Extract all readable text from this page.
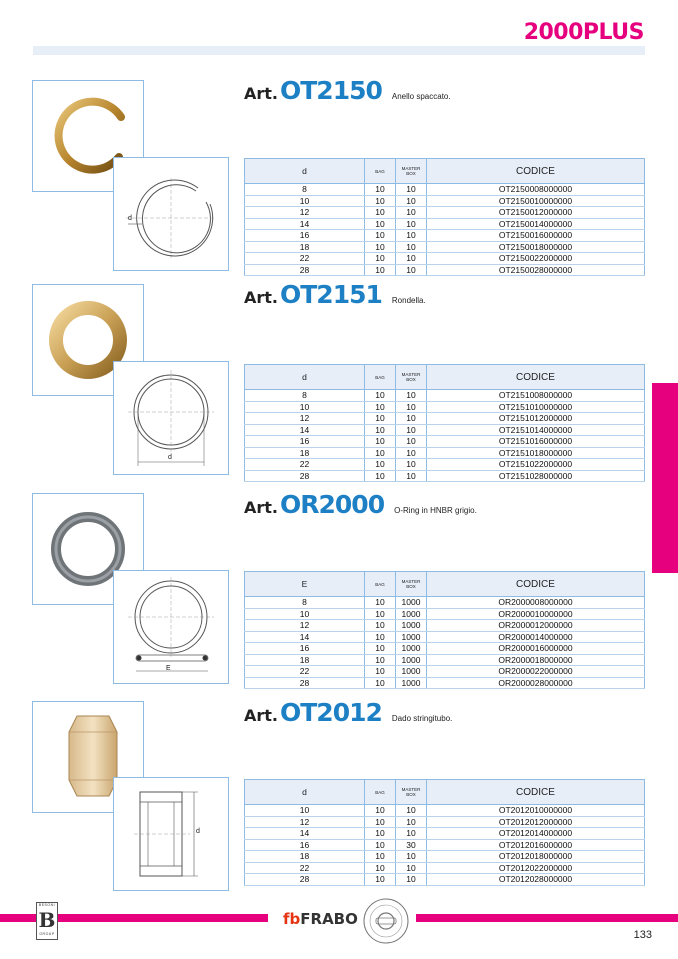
2000PLUS
d
Art.OT2150 Anello spaccato.
d	BAG	MASTER BOX	CODICE
8	10	10	OT2150008000000
10	10	10	OT2150010000000
12	10	10	OT2150012000000
14	10	10	OT2150014000000
16	10	10	OT2150016000000
18	10	10	OT2150018000000
22	10	10	OT2150022000000
28	10	10	OT2150028000000
d
Art.OT2151 Rondella.
d	BAG	MASTER BOX	CODICE
8	10	10	OT2151008000000
10	10	10	OT2151010000000
12	10	10	OT2151012000000
14	10	10	OT2151014000000
16	10	10	OT2151016000000
18	10	10	OT2151018000000
22	10	10	OT2151022000000
28	10	10	OT2151028000000
E
Art.OR2000 O-Ring in HNBR grigio.
E	BAG	MASTER BOX	CODICE
8	10	1000	OR2000008000000
10	10	1000	OR2000010000000
12	10	1000	OR2000012000000
14	10	1000	OR2000014000000
16	10	1000	OR2000016000000
18	10	1000	OR2000018000000
22	10	1000	OR2000022000000
28	10	1000	OR2000028000000
d
Art.OT2012 Dado stringitubo.
d	BAG	MASTER BOX	CODICE
10	10	10	OT2012010000000
12	10	10	OT2012012000000
14	10	10	OT2012014000000
16	10	30	OT2012016000000
18	10	10	OT2012018000000
22	10	10	OT2012022000000
28	10	10	OT2012028000000
BESONI
B
GROUP
fbFRABO
133
